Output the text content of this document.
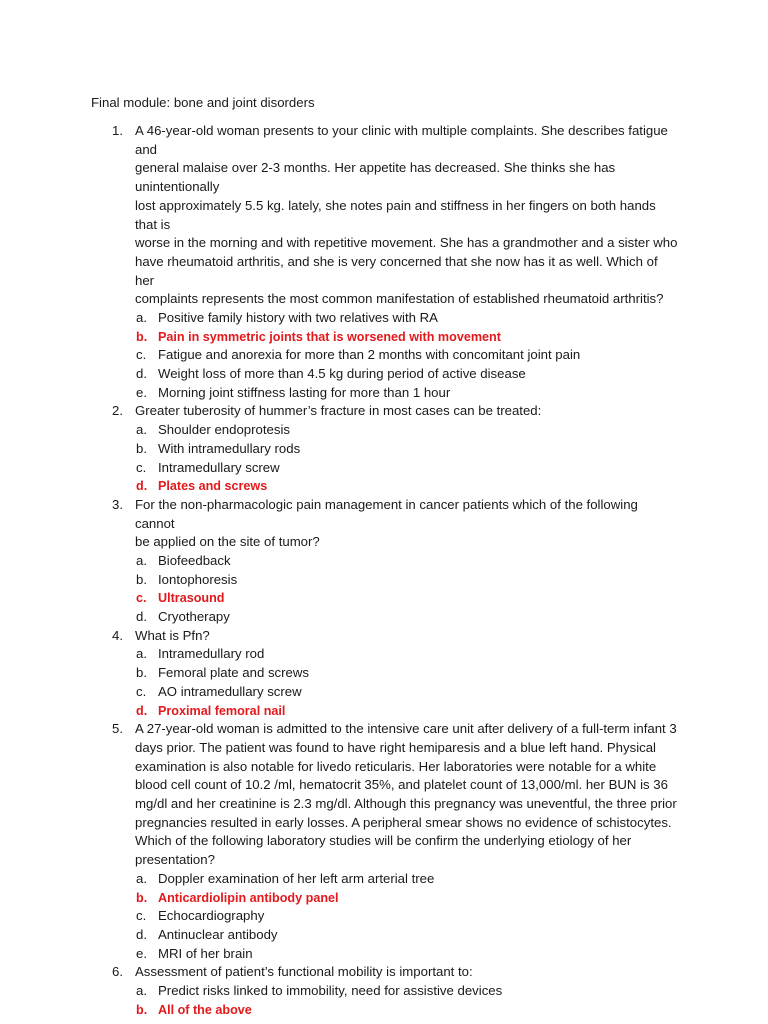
Final module: bone and joint disorders
1. A 46-year-old woman presents to your clinic with multiple complaints. She describes fatigue and
general malaise over 2-3 months. Her appetite has decreased. She thinks she has unintentionally
lost approximately 5.5 kg. lately, she notes pain and stiffness in her fingers on both hands that is
worse in the morning and with repetitive movement. She has a grandmother and a sister who
have rheumatoid arthritis, and she is very concerned that she now has it as well. Which of her
complaints represents the most common manifestation of established rheumatoid arthritis?
a. Positive family history with two relatives with RA
b. Pain in symmetric joints that is worsened with movement
c. Fatigue and anorexia for more than 2 months with concomitant joint pain
d. Weight loss of more than 4.5 kg during period of active disease
e. Morning joint stiffness lasting for more than 1 hour
2. Greater tuberosity of hummer’s fracture in most cases can be treated:
a. Shoulder endoprotesis
b. With intramedullary rods
c. Intramedullary screw
d. Plates and screws
3. For the non-pharmacologic pain management in cancer patients which of the following cannot
be applied on the site of tumor?
a. Biofeedback
b. Iontophoresis
c. Ultrasound
d. Cryotherapy
4. What is Pfn?
a. Intramedullary rod
b. Femoral plate and screws
c. AO intramedullary screw
d. Proximal femoral nail
5. A 27-year-old woman is admitted to the intensive care unit after delivery of a full-term infant 3
days prior. The patient was found to have right hemiparesis and a blue left hand. Physical
examination is also notable for livedo reticularis. Her laboratories were notable for a white
blood cell count of 10.2 /ml, hematocrit 35%, and platelet count of 13,000/ml. her BUN is 36
mg/dl and her creatinine is 2.3 mg/dl. Although this pregnancy was uneventful, the three prior
pregnancies resulted in early losses. A peripheral smear shows no evidence of schistocytes.
Which of the following laboratory studies will be confirm the underlying etiology of her
presentation?
a. Doppler examination of her left arm arterial tree
b. Anticardiolipin antibody panel
c. Echocardiography
d. Antinuclear antibody
e. MRI of her brain
6. Assessment of patient’s functional mobility is important to:
a. Predict risks linked to immobility, need for assistive devices
b. All of the above
